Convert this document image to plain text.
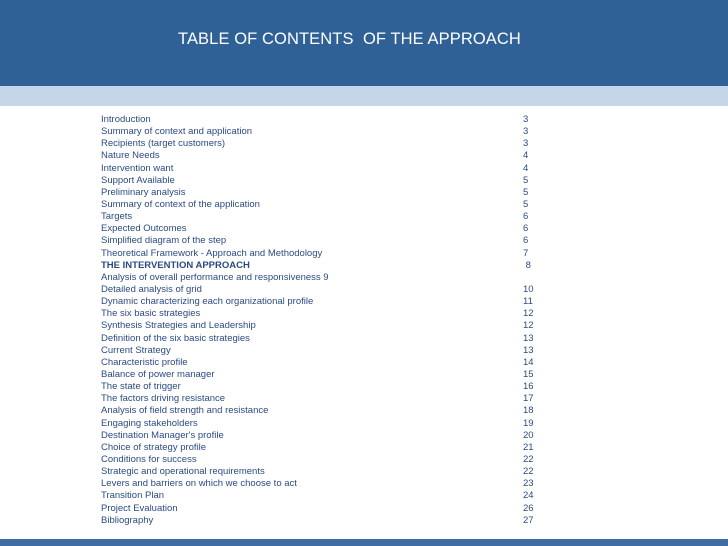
TABLE OF CONTENTS  OF THE APPROACH
Introduction	3
Summary of context and application	3
Recipients (target customers)	3
Nature Needs	4
Intervention want	4
Support Available	5
Preliminary analysis	5
Summary of context of the application	5
Targets	6
Expected Outcomes	6
Simplified diagram of the step	6
Theoretical Framework - Approach and Methodology	7
THE INTERVENTION APPROACH	8
Analysis of overall performance and responsiveness 9
Detailed analysis of grid	10
Dynamic characterizing each organizational profile	11
The six basic strategies	12
Synthesis Strategies and Leadership	12
Definition of the six basic strategies	13
Current Strategy	13
Characteristic profile	14
Balance of power manager	15
The state of trigger	16
The factors driving resistance	17
Analysis of field strength and resistance	18
Engaging stakeholders	19
Destination Manager's profile	20
Choice of strategy profile	21
Conditions for success	22
Strategic and operational requirements	22
Levers and barriers on which we choose to act	23
Transition Plan	24
Project Evaluation	26
Bibliography	27
